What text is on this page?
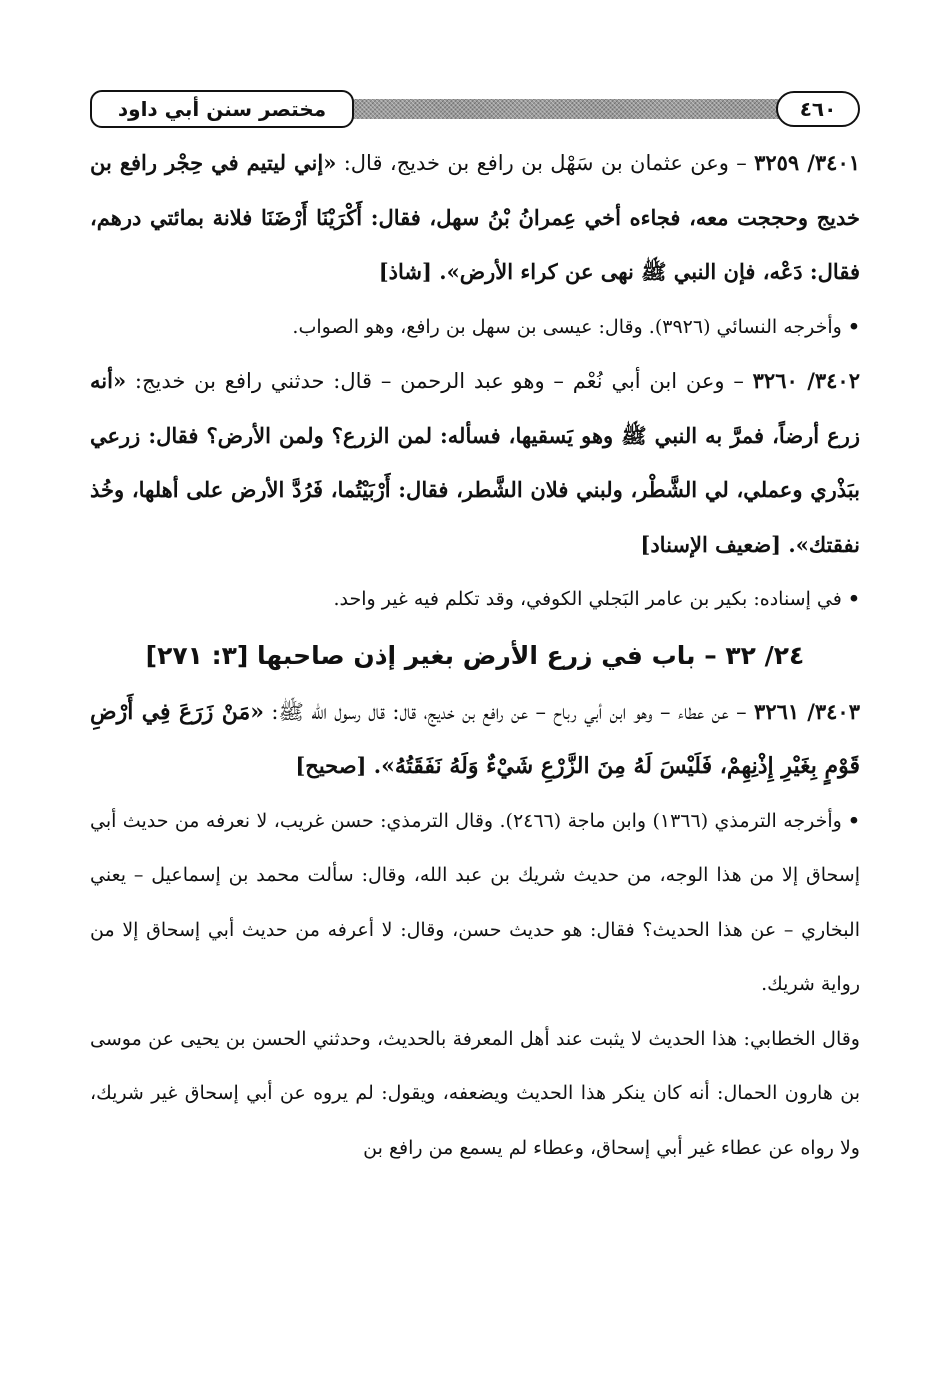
مختصر سنن أبي داود	٤٦٠

٣٤٠١/ ٣٢٥٩ – وعن عثمان بن سَهْل بن رافع بن خديج، قال: «إني ليتيم في حِجْر رافع بن خديج وحججت معه، فجاءه أخي عِمرانُ بْنُ سهل، فقال: أَكْرَيْنَا أَرْضَنَا فلانة بمائتي درهم، فقال: دَعْه، فإن النبي ﷺ نهى عن كراء الأرض». [شاذ]

•وأخرجه النسائي (٣٩٢٦). وقال: عيسى بن سهل بن رافع، وهو الصواب.

٣٤٠٢/ ٣٢٦٠ – وعن ابن أبي نُعْم – وهو عبد الرحمن – قال: حدثني رافع بن خديج: «أنه زرع أرضاً، فمرَّ به النبي ﷺ وهو يَسقيها، فسأله: لمن الزرع؟ ولمن الأرض؟ فقال: زرعي ببَذْري وعملي، لي الشَّطْر، ولبني فلان الشَّطر، فقال: أَرْبَيْتُما، فَرُدَّ الأرض على أهلها، وخُذ نفقتك». [ضعيف الإسناد]

•في إسناده: بكير بن عامر البَجلي الكوفي، وقد تكلم فيه غير واحد.

٢٤/ ٣٢ – باب في زرع الأرض بغير إذن صاحبها [٣: ٢٧١]

٣٤٠٣/ ٣٢٦١ – عن عطاء – وهو ابن أبي رباح – عن رافع بن خديج، قال: قال رسول الله ﷺ: «مَنْ زَرَعَ فِي أَرْضِ قَوْمٍ بِغَيْرِ إِذْنِهِمْ، فَلَيْسَ لَهُ مِنَ الزَّرْعِ شَيْءٌ وَلَهُ نَفَقَتُهُ». [صحيح]

•وأخرجه الترمذي (١٣٦٦) وابن ماجة (٢٤٦٦). وقال الترمذي: حسن غريب، لا نعرفه من حديث أبي إسحاق إلا من هذا الوجه، من حديث شريك بن عبد الله، وقال: سألت محمد بن إسماعيل – يعني البخاري – عن هذا الحديث؟ فقال: هو حديث حسن، وقال: لا أعرفه من حديث أبي إسحاق إلا من رواية شريك.

وقال الخطابي: هذا الحديث لا يثبت عند أهل المعرفة بالحديث، وحدثني الحسن بن يحيى عن موسى بن هارون الحمال: أنه كان ينكر هذا الحديث ويضعفه، ويقول: لم يروه عن أبي إسحاق غير شريك، ولا رواه عن عطاء غير أبي إسحاق، وعطاء لم يسمع من رافع بن
